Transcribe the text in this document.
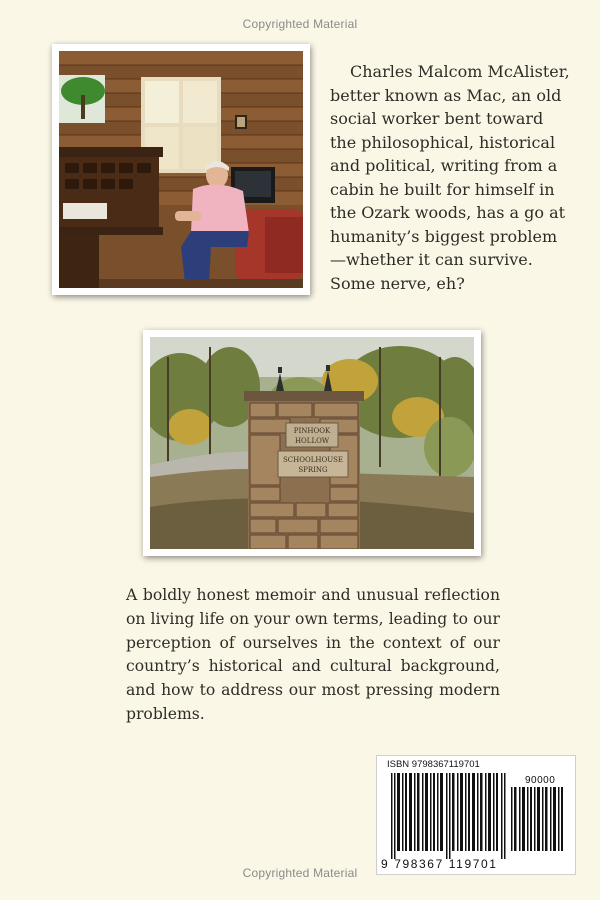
Copyrighted Material
Charles Malcom McAlister, better known as Mac, an old social worker bent toward the philosophical, historical and political, writing from a cabin he built for himself in the Ozark woods, has a go at humanity’s biggest problem—whether it can survive. Some nerve, eh?
PINHOOK
HOLLOW
SCHOOLHOUSE
SPRING
A boldly honest memoir and unusual reflection on living life on your own terms, leading to our perception of ourselves in the context of our country’s historical and cultural background, and how to address our most pressing modern problems.
ISBN 9798367119701
90000
9 798367 119701
Copyrighted Material
